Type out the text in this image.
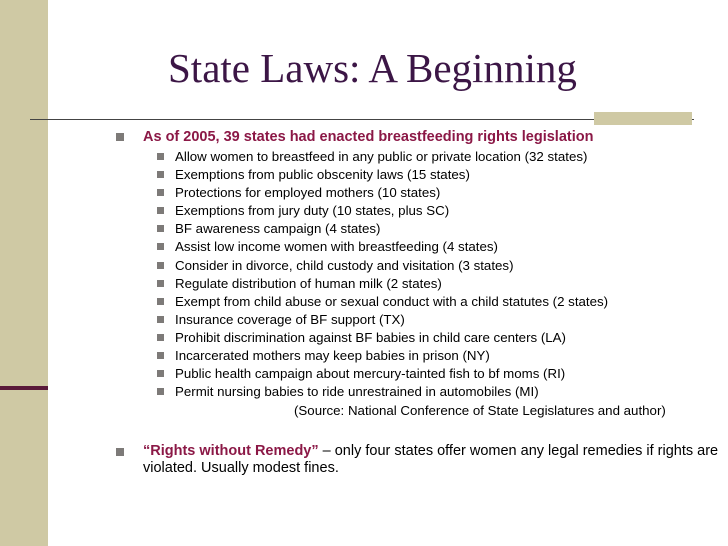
State Laws: A Beginning
As of 2005, 39 states had enacted breastfeeding rights legislation
Allow women to breastfeed in any public or private location (32 states)
Exemptions from public obscenity laws (15 states)
Protections for employed mothers (10 states)
Exemptions from jury duty (10 states, plus SC)
BF awareness campaign (4 states)
Assist low income women with breastfeeding (4 states)
Consider in divorce, child custody and visitation (3 states)
Regulate distribution of human milk (2 states)
Exempt from child abuse or sexual conduct with a child statutes (2 states)
Insurance coverage of BF support (TX)
Prohibit discrimination against BF babies in child care centers (LA)
Incarcerated mothers may keep babies in prison (NY)
Public health campaign about mercury-tainted fish to bf moms (RI)
Permit nursing babies to ride unrestrained in automobiles (MI)
(Source: National Conference of State Legislatures and author)
“Rights without Remedy” – only four states offer women any legal remedies if rights are violated. Usually modest fines.
